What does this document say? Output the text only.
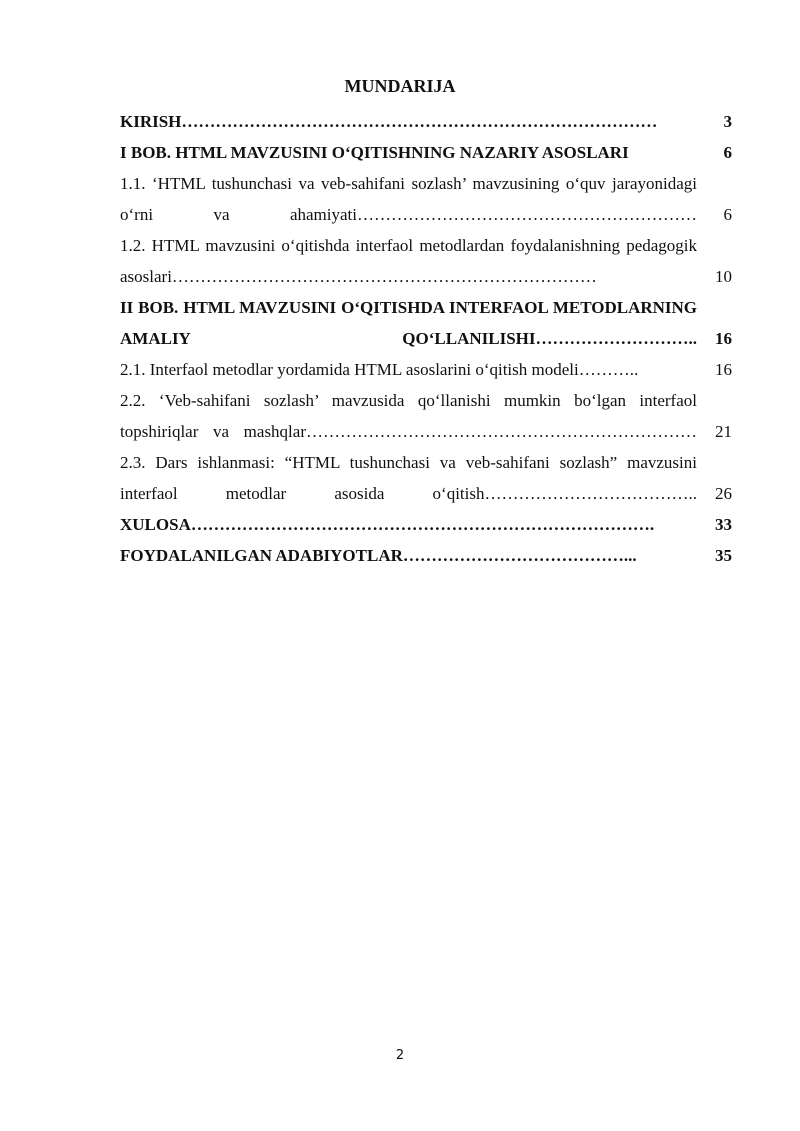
MUNDARIJA
KIRISH…………………………………………………………………………	3
I BOB. HTML MAVZUSINI O‘QITISHNING NAZARIY ASOSLARI	6
1.1. ‘HTML tushunchasi va veb-sahifani sozlash’ mavzusining o‘quv jarayonidagi o‘rni va ahamiyati……………………………………………………	6
1.2. HTML mavzusini o‘qitishda interfaol metodlardan foydalanishning pedagogik asoslari…………………………………………………………………	10
II BOB. HTML MAVZUSINI O‘QITISHDA INTERFAOL METODLARNING AMALIY QO‘LLANILISHI………………………..	16
2.1. Interfaol metodlar yordamida HTML asoslarini o‘qitish modeli………..	16
2.2. ‘Veb-sahifani sozlash’ mavzusida qo‘llanishi mumkin bo‘lgan interfaol topshiriqlar va mashqlar……………………………………………………………	21
2.3. Dars ishlanmasi: “HTML tushunchasi va veb-sahifani sozlash” mavzusini interfaol metodlar asosida o‘qitish………………………………..	26
XULOSA……………………………………………………………………….	33
FOYDALANILGAN ADABIYOTLAR…………………………………...	35
2
